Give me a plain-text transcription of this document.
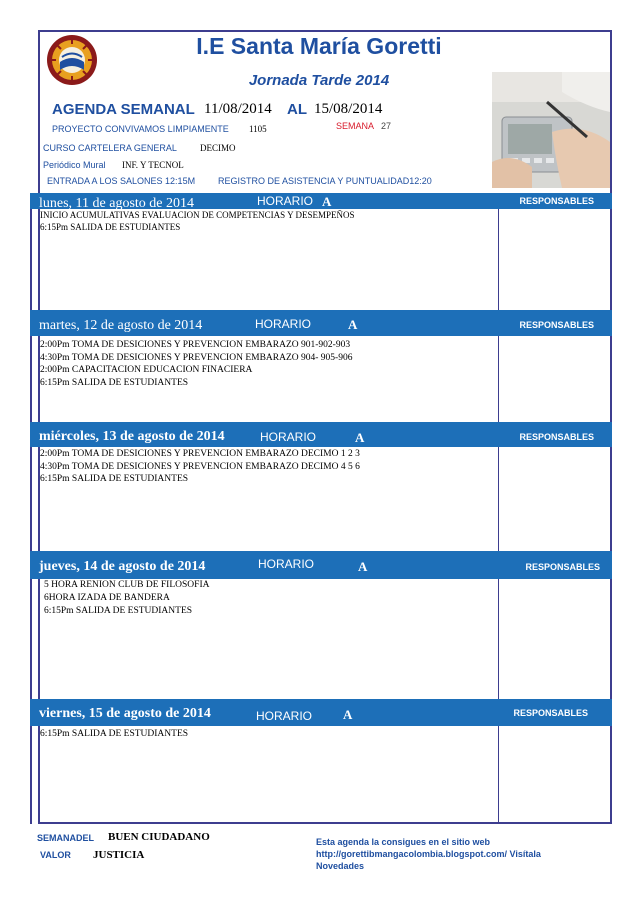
I.E Santa María Goretti
Jornada Tarde 2014
AGENDA SEMANAL 11/08/2014 AL 15/08/2014
PROYECTO CONVIVAMOS LIMPIAMENTE 1105	SEMANA 27
CURSO CARTELERA GENERAL	DECIMO
Periódico Mural INF. Y TECNOL
ENTRADA A LOS SALONES 12:15M	REGISTRO DE ASISTENCIA Y PUNTUALIDAD12:20
lunes, 11 de agosto de 2014	HORARIO A	RESPONSABLES
INICIO ACUMULATIVAS EVALUACION DE COMPETENCIAS Y DESEMPEÑOS
6:15Pm SALIDA DE ESTUDIANTES
martes, 12 de agosto de 2014	HORARIO	A	RESPONSABLES
2:00Pm TOMA DE DESICIONES Y PREVENCION EMBARAZO 901-902-903
4:30Pm TOMA DE DESICIONES Y PREVENCION EMBARAZO 904- 905-906
2:00Pm CAPACITACION EDUCACION FINACIERA
6:15Pm SALIDA DE ESTUDIANTES
miércoles, 13 de agosto de 2014	HORARIO	A	RESPONSABLES
2:00Pm TOMA DE DESICIONES Y PREVENCION EMBARAZO DECIMO 1 2 3
4:30Pm TOMA DE DESICIONES Y PREVENCION EMBARAZO DECIMO 4 5 6
6:15Pm SALIDA DE ESTUDIANTES
jueves, 14 de agosto de 2014	HORARIO	A	RESPONSABLES
5 HORA RENION CLUB DE FILOSOFIA
6HORA IZADA DE BANDERA
6:15Pm SALIDA DE ESTUDIANTES
viernes, 15 de agosto de 2014	HORARIO A	RESPONSABLES
6:15Pm SALIDA DE ESTUDIANTES
SEMANADEL BUEN CIUDADANO
VALOR JUSTICIA
Esta agenda la consigues en el sitio web http://gorettibmangacolombia.blogspot.com/ Visítala Novedades
